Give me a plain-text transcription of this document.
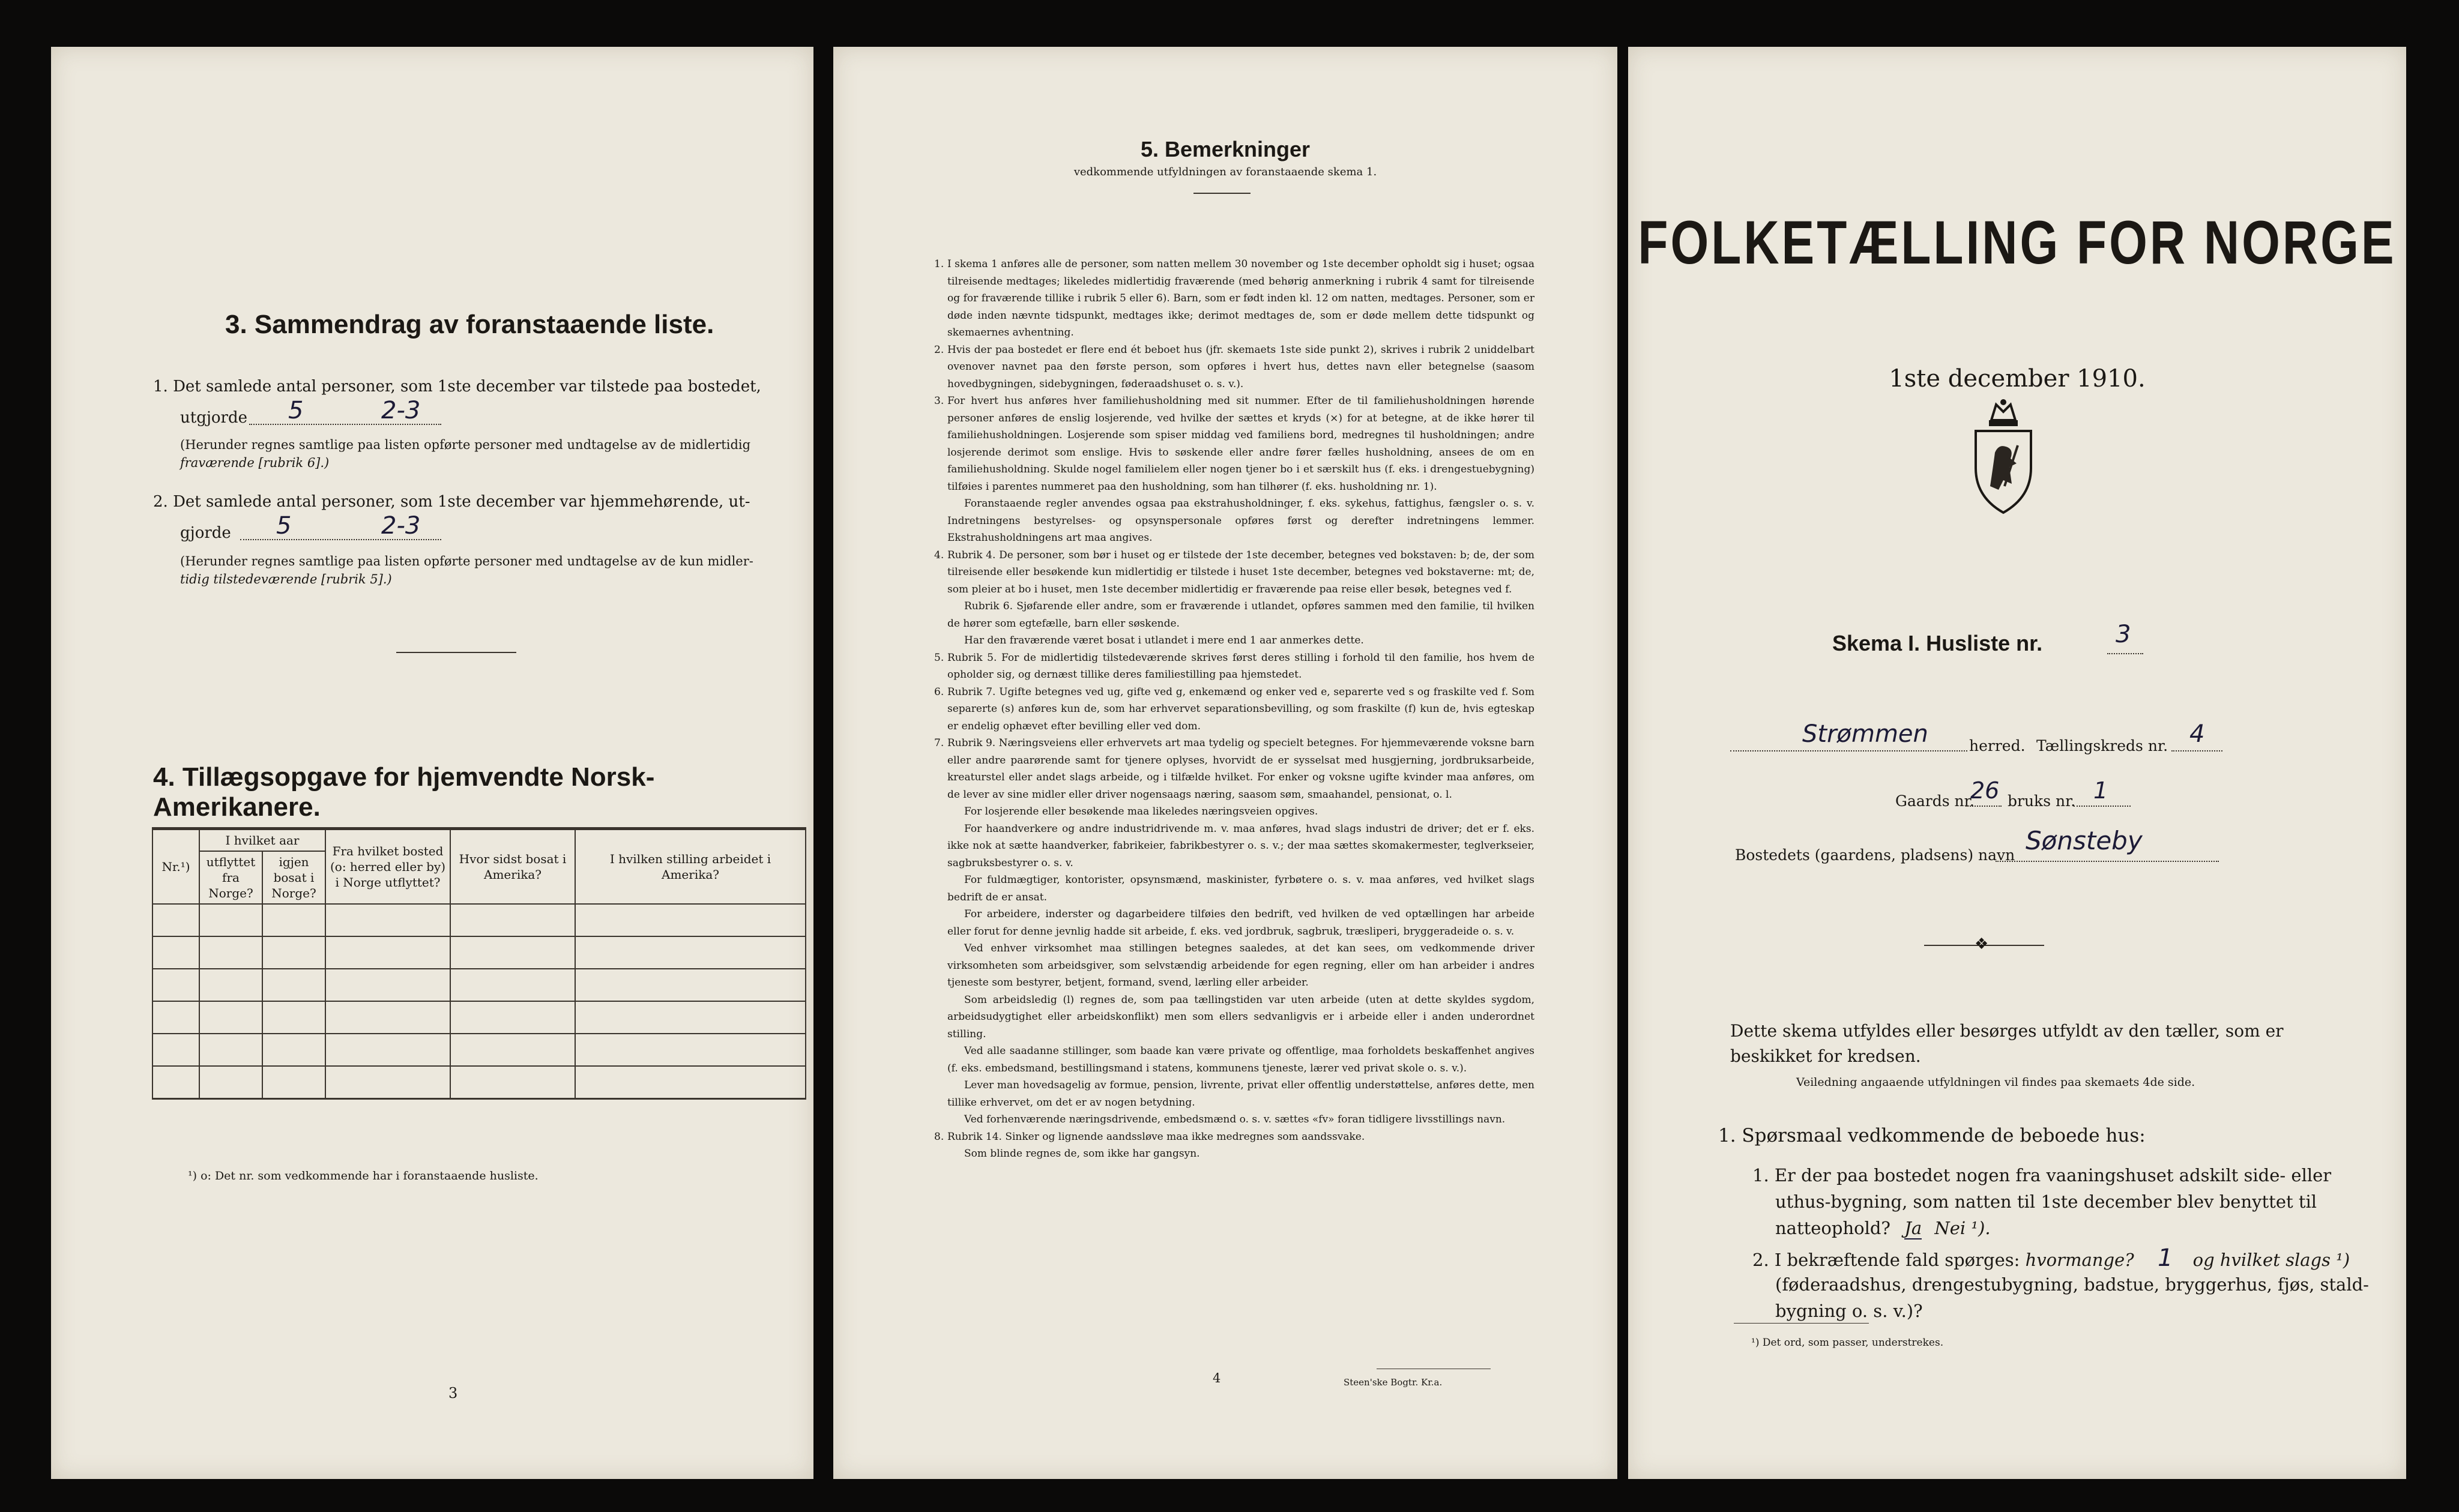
3. Sammendrag av foranstaaende liste.
1. Det samlede antal personer, som 1ste december var tilstede paa bostedet,
utgjorde 5	2-3
(Herunder regnes samtlige paa listen opførte personer med undtagelse av de midlertidig
fraværende [rubrik 6].)
2. Det samlede antal personer, som 1ste december var hjemmehørende, ut-
gjorde 5	2-3
(Herunder regnes samtlige paa listen opførte personer med undtagelse av de kun midler-
tidig tilstedeværende [rubrik 5].)
4. Tillægsopgave for hjemvendte Norsk-Amerikanere.
Nr.¹)	I hvilket aar		Fra hvilket bosted (o: herred eller by) i Norge utflyttet?	Hvor sidst bosat i Amerika?	I hvilken stilling arbeidet i Amerika?
	utflyttet fra Norge?	igjen bosat i Norge?			

¹) o: Det nr. som vedkommende har i foranstaaende husliste.
3
5. Bemerkninger
vedkommende utfyldningen av foranstaaende skema 1.
1. I skema 1 anføres alle de personer, som natten mellem 30 november og 1ste december opholdt sig i huset; ogsaa tilreisende medtages; likeledes midlertidig fraværende (med behørig anmerkning i rubrik 4 samt for tilreisende og for fraværende tillike i rubrik 5 eller 6). Barn, som er født inden kl. 12 om natten, medtages. Personer, som er døde inden nævnte tidspunkt, medtages ikke; derimot medtages de, som er døde mellem dette tidspunkt og skemaernes avhentning.
2. Hvis der paa bostedet er flere end ét beboet hus (jfr. skemaets 1ste side punkt 2), skrives i rubrik 2 uniddelbart ovenover navnet paa den første person, som opføres i hvert hus, dettes navn eller betegnelse (saasom hovedbygningen, sidebygningen, føderaadshuset o. s. v.).
3. For hvert hus anføres hver familiehusholdning med sit nummer. Efter de til familiehusholdningen hørende personer anføres de enslig losjerende, ved hvilke der sættes et kryds (×) for at betegne, at de ikke hører til familiehusholdningen. Losjerende som spiser middag ved familiens bord, medregnes til husholdningen; andre losjerende derimot som enslige. Hvis to søskende eller andre fører fælles husholdning, ansees de om en familiehusholdning. Skulde nogel familielem eller nogen tjener bo i et særskilt hus (f. eks. i drengestuebygning) tilføies i parentes nummeret paa den husholdning, som han tilhører (f. eks. husholdning nr. 1).
Foranstaaende regler anvendes ogsaa paa ekstrahusholdninger, f. eks. sykehus, fattighus, fængsler o. s. v. Indretningens bestyrelses- og opsynspersonale opføres først og derefter indretningens lemmer. Ekstrahusholdningens art maa angives.
4. Rubrik 4. De personer, som bør i huset og er tilstede der 1ste december, betegnes ved bokstaven: b; de, der som tilreisende eller besøkende kun midlertidig er tilstede i huset 1ste december, betegnes ved bokstaverne: mt; de, som pleier at bo i huset, men 1ste december midlertidig er fraværende paa reise eller besøk, betegnes ved f.
Rubrik 6. Sjøfarende eller andre, som er fraværende i utlandet, opføres sammen med den familie, til hvilken de hører som egtefælle, barn eller søskende.
Har den fraværende været bosat i utlandet i mere end 1 aar anmerkes dette.
5. Rubrik 5. For de midlertidig tilstedeværende skrives først deres stilling i forhold til den familie, hos hvem de opholder sig, og dernæst tillike deres familiestilling paa hjemstedet.
6. Rubrik 7. Ugifte betegnes ved ug, gifte ved g, enkemænd og enker ved e, separerte ved s og fraskilte ved f. Som separerte (s) anføres kun de, som har erhvervet separationsbevilling, og som fraskilte (f) kun de, hvis egteskap er endelig ophævet efter bevilling eller ved dom.
7. Rubrik 9. Næringsveiens eller erhvervets art maa tydelig og specielt betegnes. For hjemmeværende voksne barn eller andre paarørende samt for tjenere oplyses, hvorvidt de er sysselsat med husgjerning, jordbruksarbeide, kreaturstel eller andet slags arbeide, og i tilfælde hvilket. For enker og voksne ugifte kvinder maa anføres, om de lever av sine midler eller driver nogensaags næring, saasom søm, smaahandel, pensionat, o. l.
For losjerende eller besøkende maa likeledes næringsveien opgives.
For haandverkere og andre industridrivende m. v. maa anføres, hvad slags industri de driver; det er f. eks. ikke nok at sætte haandverker, fabrikeier, fabrikbestyrer o. s. v.; der maa sættes skomakermester, teglverkseier, sagbruksbestyrer o. s. v.
For fuldmægtiger, kontorister, opsynsmænd, maskinister, fyrbøtere o. s. v. maa anføres, ved hvilket slags bedrift de er ansat.
For arbeidere, inderster og dagarbeidere tilføies den bedrift, ved hvilken de ved optællingen har arbeide eller forut for denne jevnlig hadde sit arbeide, f. eks. ved jordbruk, sagbruk, træsliperi, bryggeradeide o. s. v.
Ved enhver virksomhet maa stillingen betegnes saaledes, at det kan sees, om vedkommende driver virksomheten som arbeidsgiver, som selvstændig arbeidende for egen regning, eller om han arbeider i andres tjeneste som bestyrer, betjent, formand, svend, lærling eller arbeider.
Som arbeidsledig (l) regnes de, som paa tællingstiden var uten arbeide (uten at dette skyldes sygdom, arbeidsudygtighet eller arbeidskonflikt) men som ellers sedvanligvis er i arbeide eller i anden underordnet stilling.
Ved alle saadanne stillinger, som baade kan være private og offentlige, maa forholdets beskaffenhet angives (f. eks. embedsmand, bestillingsmand i statens, kommunens tjeneste, lærer ved privat skole o. s. v.).
Lever man hovedsagelig av formue, pension, livrente, privat eller offentlig understøttelse, anføres dette, men tillike erhvervet, om det er av nogen betydning.
Ved forhenværende næringsdrivende, embedsmænd o. s. v. sættes «fv» foran tidligere livsstillings navn.
8. Rubrik 14. Sinker og lignende aandssløve maa ikke medregnes som aandssvake.
Som blinde regnes de, som ikke har gangsyn.
4	Steen'ske Bogtr. Kr.a.
FOLKETÆLLING FOR NORGE
1ste december 1910.
Skema I. Husliste nr.	3
Strømmen	herred. Tællingskreds nr. 4
Gaards nr.
26 bruks nr. 1
Bostedets (gaardens, pladsens) navn Sønsteby
❖
Dette skema utfyldes eller besørges utfyldt av den tæller, som er
beskikket for kredsen.
Veiledning angaaende utfyldningen vil findes paa skemaets 4de side.
1. Spørsmaal vedkommende de beboede hus:
1. Er der paa bostedet nogen fra vaaningshuset adskilt side- eller
uthus-bygning, som natten til 1ste december blev benyttet til
natteophold? Ja Nei ¹).
2. I bekræftende fald spørges: hvormange? 1 og hvilket slags ¹)
(føderaadshus, drengestubygning, badstue, bryggerhus, fjøs, stald-
bygning o. s. v.)?
¹) Det ord, som passer, understrekes.
